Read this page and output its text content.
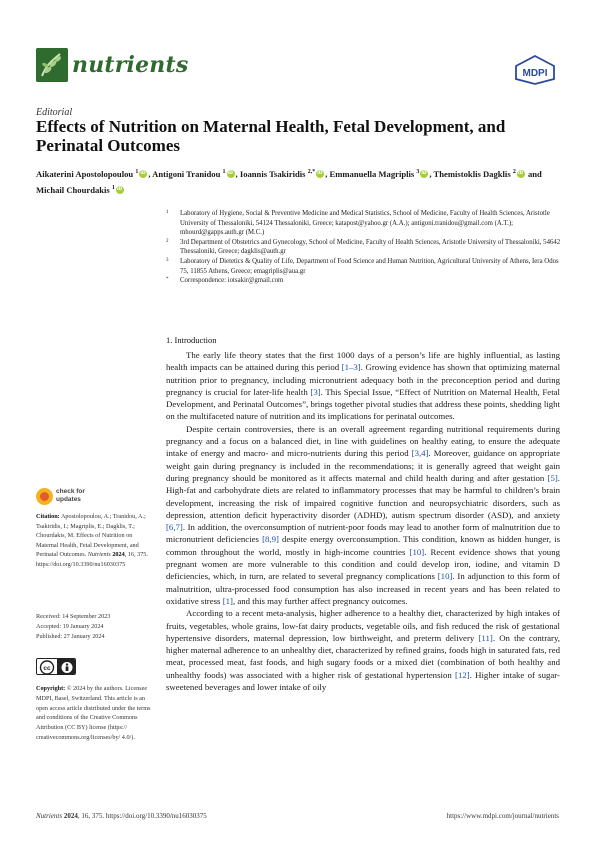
nutrients	MDPI
Editorial
Effects of Nutrition on Maternal Health, Fetal Development, and Perinatal Outcomes
Aikaterini Apostolopoulou $^1$ iD , Antigoni Tranidou $^1$ iD , Ioannis Tsakiridis $^{2,*}$ iD , Emmanuella Magriplis $^3$ iD , Themistoklis Dagklis $^2$iD and Michail Chourdakis $^1$iD
1 Laboratory of Hygiene, Social & Preventive Medicine and Medical Statistics, School of Medicine, Faculty of Health Sciences, Aristotle University of Thessaloniki, 54124 Thessaloniki, Greece; katapost@yahoo.gr (A.A.); antigoni.tranidou@gmail.com (A.T.); mhourd@gapps.auth.gr (M.C.)
2 3rd Department of Obstetrics and Gynecology, School of Medicine, Faculty of Health Sciences, Aristotle University of Thessaloniki, 54642 Thessaloniki, Greece; dagklis@auth.gr
3 Laboratory of Dietetics & Quality of Life, Department of Food Science and Human Nutrition, Agricultural University of Athens, Iera Odos 75, 11855 Athens, Greece; emagriplis@aua.gr
* Correspondence: iotsakir@gmail.com
check for
updates
Citation: Apostolopoulou, A.; Tranidou, A.; Tsakiridis, I.; Magriplis, E.; Dagklis, T.; Chourdakis, M. Effects of Nutrition on Maternal Health, Fetal Development, and Perinatal Outcomes. Nutrients 2024, 16, 375. https://doi.org/10.3390/nu16030375
Received: 14 September 2023
Accepted: 19 January 2024
Published: 27 January 2024
cc
Copyright: © 2024 by the authors. Licensee MDPI, Basel, Switzerland. This article is an open access article distributed under the terms and conditions of the Creative Commons Attribution (CC BY) license (https:// creativecommons.org/licenses/by/ 4.0/).
1. Introduction

The early life theory states that the first 1000 days of a person’s life are highly influential, as lasting health impacts can be attained during this period [1–3]. Growing evidence has shown that optimizing maternal nutrition prior to pregnancy, including micronutrient adequacy both in the preconception period and during pregnancy is crucial for later-life health [3]. This Special Issue, “Effect of Nutrition on Maternal Health, Fetal Development, and Perinatal Outcomes”, brings together pivotal studies that address these points, shedding light on the multifaceted nature of nutrition and its implications for perinatal outcomes.

Despite certain controversies, there is an overall agreement regarding nutritional requirements during pregnancy and a focus on a balanced diet, in line with guidelines on healthy eating, to ensure the adequate intake of energy and macro- and micro-nutrients during this period [3,4]. Moreover, guidance on appropriate weight gain during pregnancy is included in the recommendations; it is generally agreed that weight gain during pregnancy should be monitored as it affects maternal and child health during and after gestation [5]. High-fat and carbohydrate diets are related to inflammatory processes that may be harmful to children’s brain development, increasing the risk of impaired cognitive function and neuropsychiatric disorders, such as depression, attention deficit hyperactivity disorder (ADHD), autism spectrum disorder (ASD), and anxiety [6,7]. In addition, the overconsumption of nutrient-poor foods may lead to another form of malnutrition due to micronutrient deficiencies [8,9] despite energy overconsumption. This condition, known as hidden hunger, is common throughout the world, mostly in high-income countries [10]. Recent evidence shows that young pregnant women are more vulnerable to this condition and could develop iron, iodine, and vitamin D deficiencies, which, in turn, are related to several pregnancy complications [10]. In adjunction to this form of malnutrition, ultra-processed food consumption has also increased in recent years and has been related to oxidative stress [1], and this may further affect pregnancy outcomes.

According to a recent meta-analysis, higher adherence to a healthy diet, characterized by high intakes of fruits, vegetables, whole grains, low-fat dairy products, vegetable oils, and fish reduced the risk of gestational hypertensive disorders, maternal depression, low birthweight, and preterm delivery [11]. On the contrary, higher maternal adherence to an unhealthy diet, characterized by refined grains, foods high in saturated fats, red meat, processed meat, fast foods, and high sugary foods or a mixed diet (combination of both healthy and unhealthy foods) was associated with a higher risk of gestational hypertension [12]. Higher intake of sugar-sweetened beverages and lower intake of oily

Nutrients 2024, 16, 375. https://doi.org/10.3390/nu16030375	https://www.mdpi.com/journal/nutrients
